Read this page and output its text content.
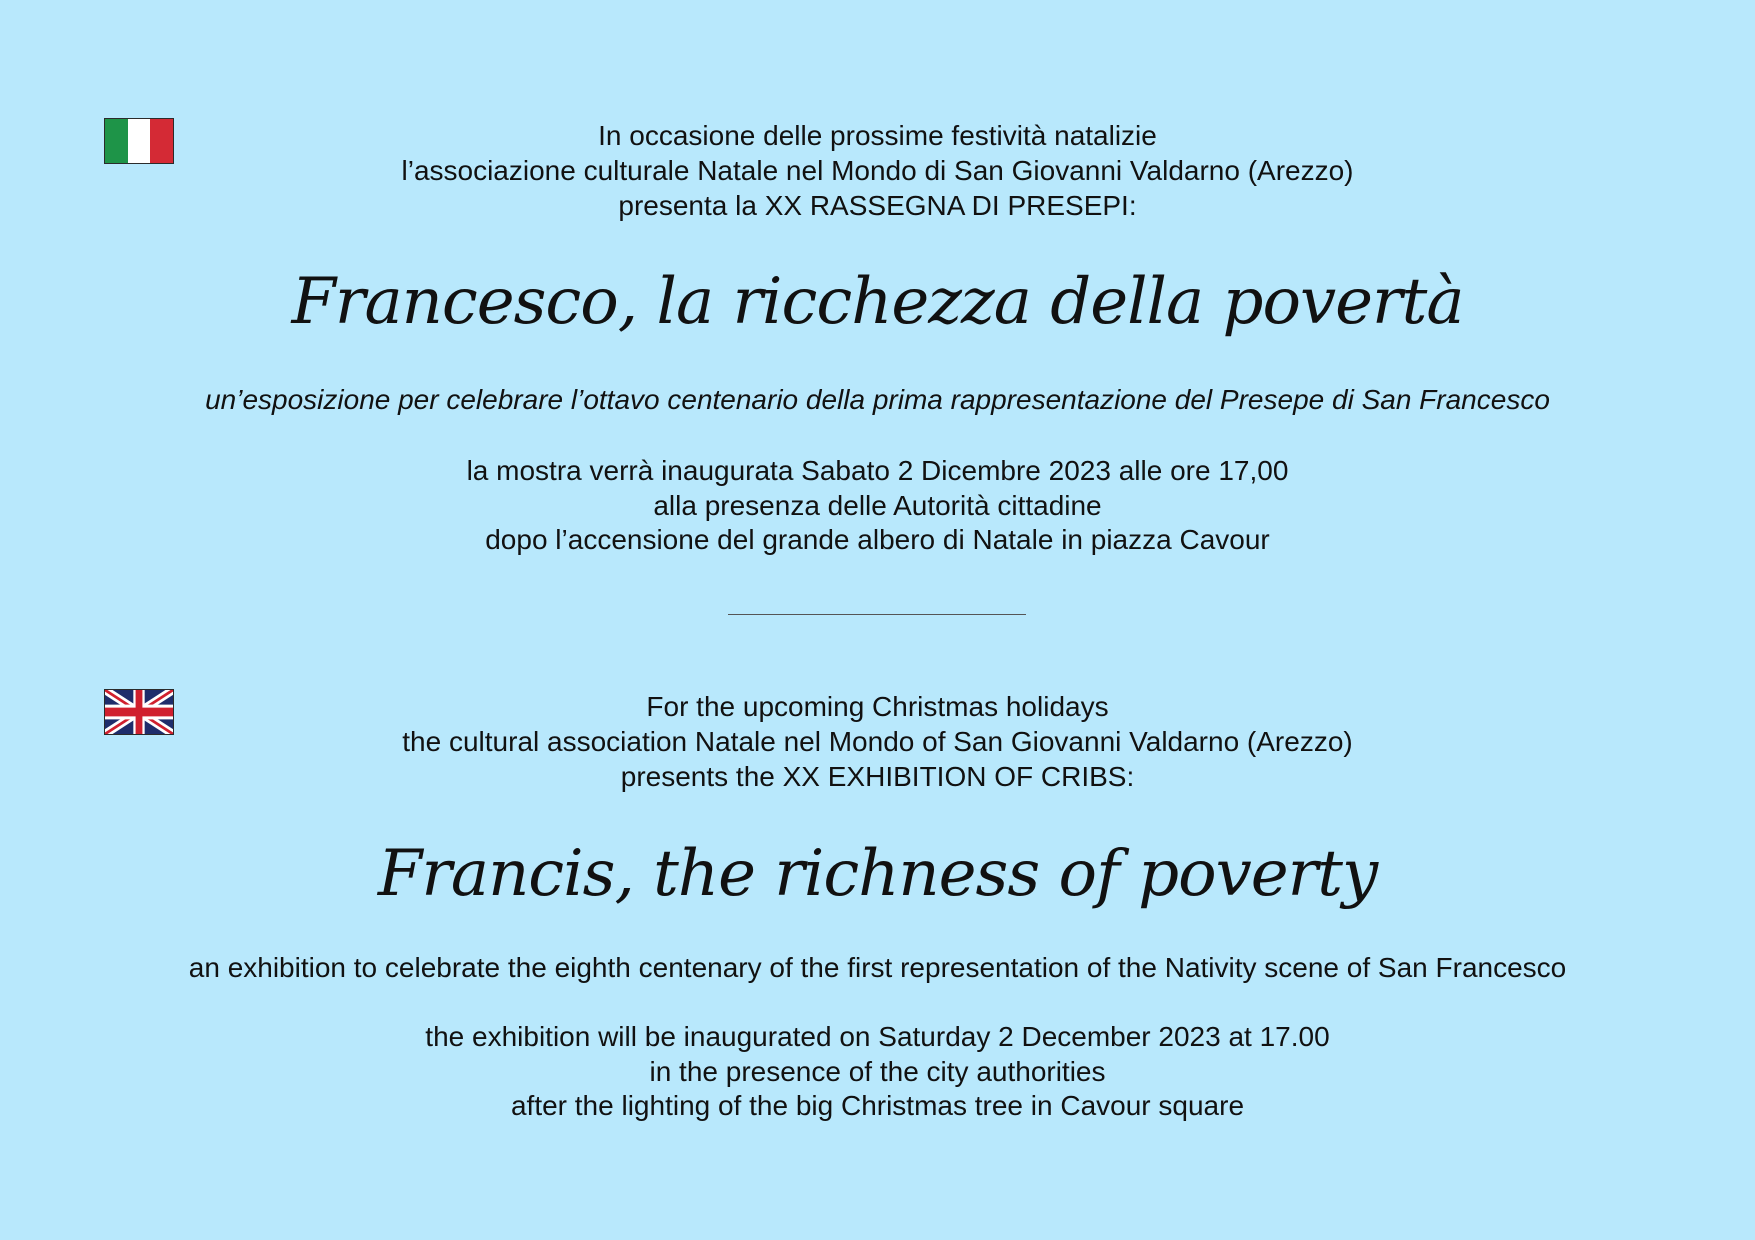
In occasione delle prossime festività natalizie
l’associazione culturale Natale nel Mondo di San Giovanni Valdarno (Arezzo)
presenta la XX RASSEGNA DI PRESEPI:
Francesco, la ricchezza della povertà
un’esposizione per celebrare l’ottavo centenario della prima rappresentazione del Presepe di San Francesco
la mostra verrà inaugurata Sabato 2 Dicembre 2023 alle ore 17,00
alla presenza delle Autorità cittadine
dopo l’accensione del grande albero di Natale in piazza Cavour
For the upcoming Christmas holidays
the cultural association Natale nel Mondo of San Giovanni Valdarno (Arezzo)
presents the XX EXHIBITION OF CRIBS:
Francis, the richness of poverty
an exhibition to celebrate the eighth centenary of the first representation of the Nativity scene of San Francesco
the exhibition will be inaugurated on Saturday 2 December 2023 at 17.00
in the presence of the city authorities
after the lighting of the big Christmas tree in Cavour square
